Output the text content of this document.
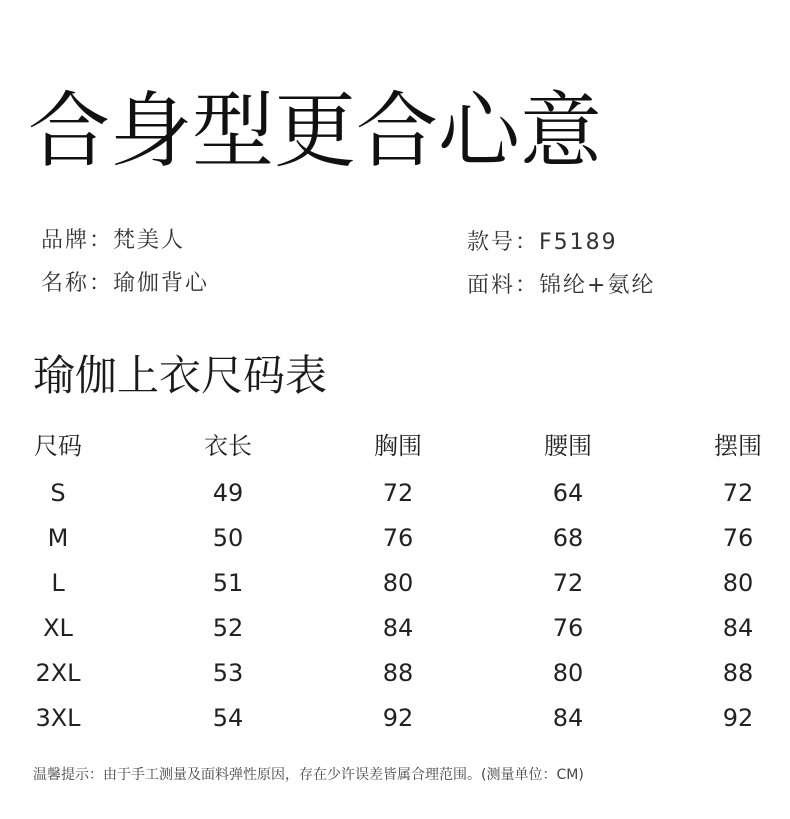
合身型更合心意
品牌：梵美人	款号：F5189
名称：瑜伽背心	面料：锦纶+氨纶
瑜伽上衣尺码表
尺码	衣长	胸围	腰围	摆围
S	49	72	64	72
M	50	76	68	76
L	51	80	72	80
XL	52	84	76	84
2XL	53	88	80	88
3XL	54	92	84	92
温馨提示：由于手工测量及面料弹性原因，存在少许误差皆属合理范围。(测量单位：CM)
